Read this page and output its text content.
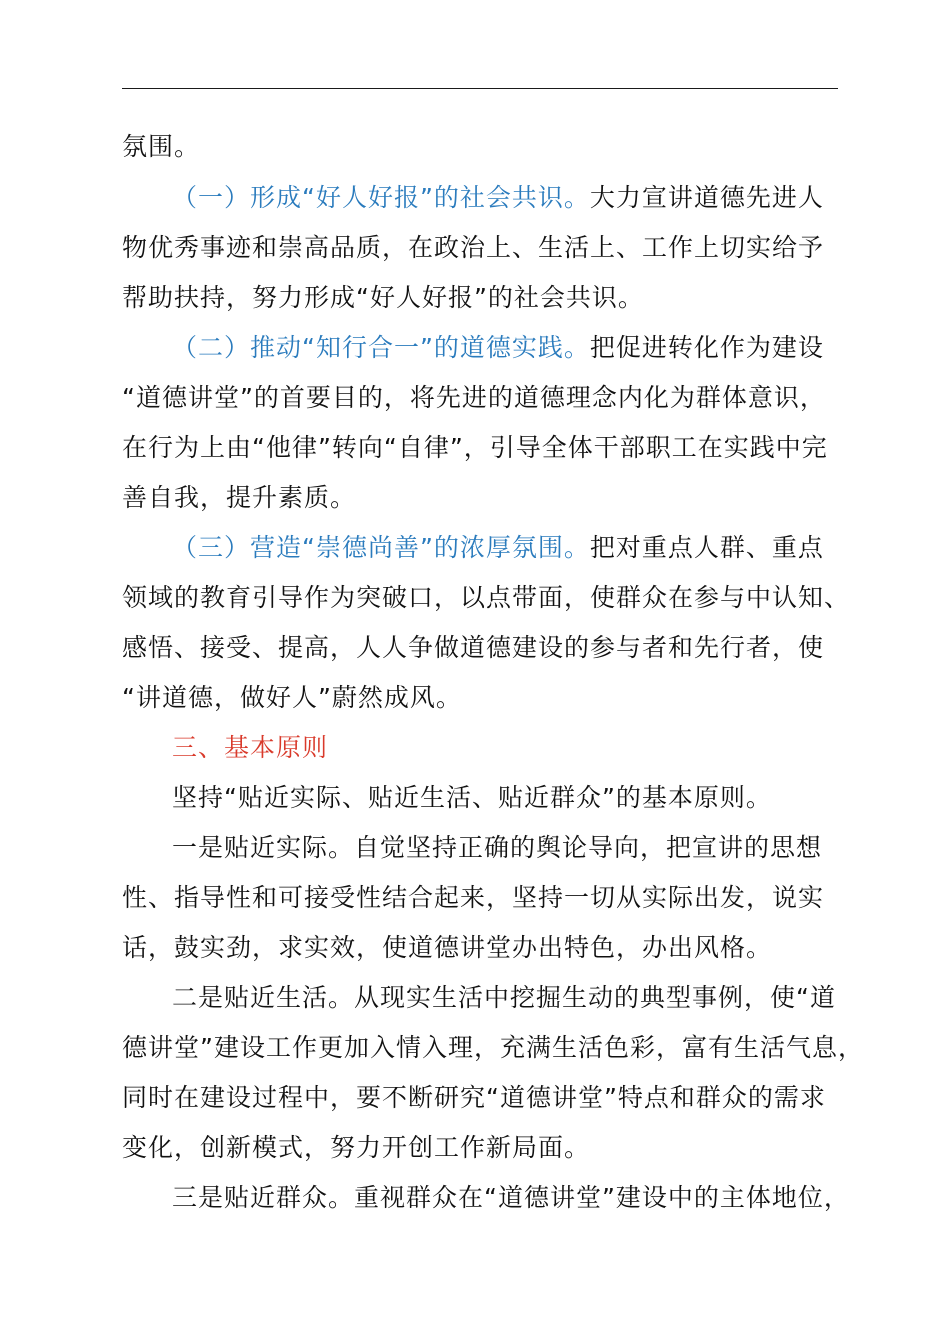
氛围。
（一）形成“好人好报”的社会共识。大力宣讲道德先进人
物优秀事迹和崇高品质，在政治上、生活上、工作上切实给予
帮助扶持，努力形成“好人好报”的社会共识。
（二）推动“知行合一”的道德实践。把促进转化作为建设
“道德讲堂”的首要目的，将先进的道德理念内化为群体意识，
在行为上由“他律”转向“自律”，引导全体干部职工在实践中完
善自我，提升素质。
（三）营造“崇德尚善”的浓厚氛围。把对重点人群、重点
领域的教育引导作为突破口，以点带面，使群众在参与中认知、
感悟、接受、提高，人人争做道德建设的参与者和先行者，使
“讲道德，做好人”蔚然成风。
三、基本原则
坚持“贴近实际、贴近生活、贴近群众”的基本原则。
一是贴近实际。自觉坚持正确的舆论导向，把宣讲的思想
性、指导性和可接受性结合起来，坚持一切从实际出发，说实
话，鼓实劲，求实效，使道德讲堂办出特色，办出风格。
二是贴近生活。从现实生活中挖掘生动的典型事例，使“道
德讲堂”建设工作更加入情入理，充满生活色彩，富有生活气息，
同时在建设过程中，要不断研究“道德讲堂”特点和群众的需求
变化，创新模式，努力开创工作新局面。
三是贴近群众。重视群众在“道德讲堂”建设中的主体地位，
